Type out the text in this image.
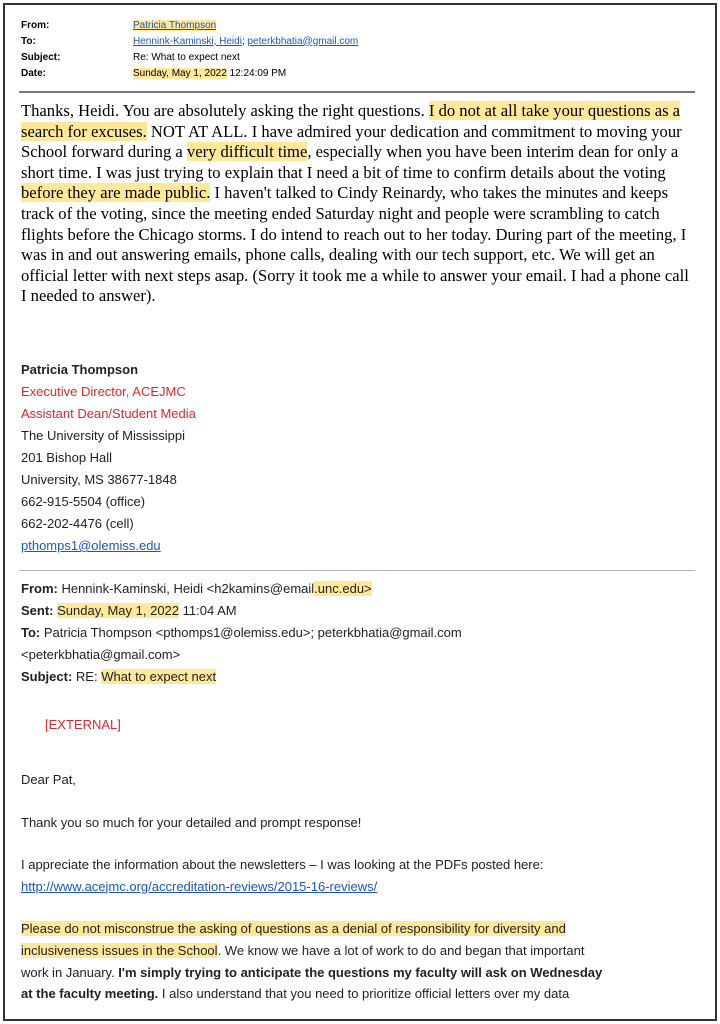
From:	Patricia Thompson
To:	Hennink-Kaminski, Heidi; peterkbhatia@gmail.com
Subject:	Re: What to expect next
Date:	Sunday, May 1, 2022 12:24:09 PM

Thanks, Heidi. You are absolutely asking the right questions. I do not at all take your questions as a search for excuses. NOT AT ALL. I have admired your dedication and commitment to moving your School forward during a very difficult time, especially when you have been interim dean for only a short time. I was just trying to explain that I need a bit of time to confirm details about the voting before they are made public. I haven't talked to Cindy Reinardy, who takes the minutes and keeps track of the voting, since the meeting ended Saturday night and people were scrambling to catch flights before the Chicago storms. I do intend to reach out to her today. During part of the meeting, I was in and out answering emails, phone calls, dealing with our tech support, etc. We will get an official letter with next steps asap. (Sorry it took me a while to answer your email. I had a phone call I needed to answer).

Patricia Thompson
Executive Director, ACEJMC
Assistant Dean/Student Media
The University of Mississippi
201 Bishop Hall
University, MS 38677-1848
662-915-5504 (office)
662-202-4476 (cell)
pthomps1@olemiss.edu
From: Hennink-Kaminski, Heidi <h2kamins@email.unc.edu>
Sent: Sunday, May 1, 2022 11:04 AM
To: Patricia Thompson <pthomps1@olemiss.edu>; peterkbhatia@gmail.com
<peterkbhatia@gmail.com>
Subject: RE: What to expect next
[EXTERNAL]

Dear Pat,

Thank you so much for your detailed and prompt response!

I appreciate the information about the newsletters – I was looking at the PDFs posted here:
http://www.acejmc.org/accreditation-reviews/2015-16-reviews/

Please do not misconstrue the asking of questions as a denial of responsibility for diversity and
inclusiveness issues in the School. We know we have a lot of work to do and began that important
work in January. I'm simply trying to anticipate the questions my faculty will ask on Wednesday
at the faculty meeting. I also understand that you need to prioritize official letters over my data
